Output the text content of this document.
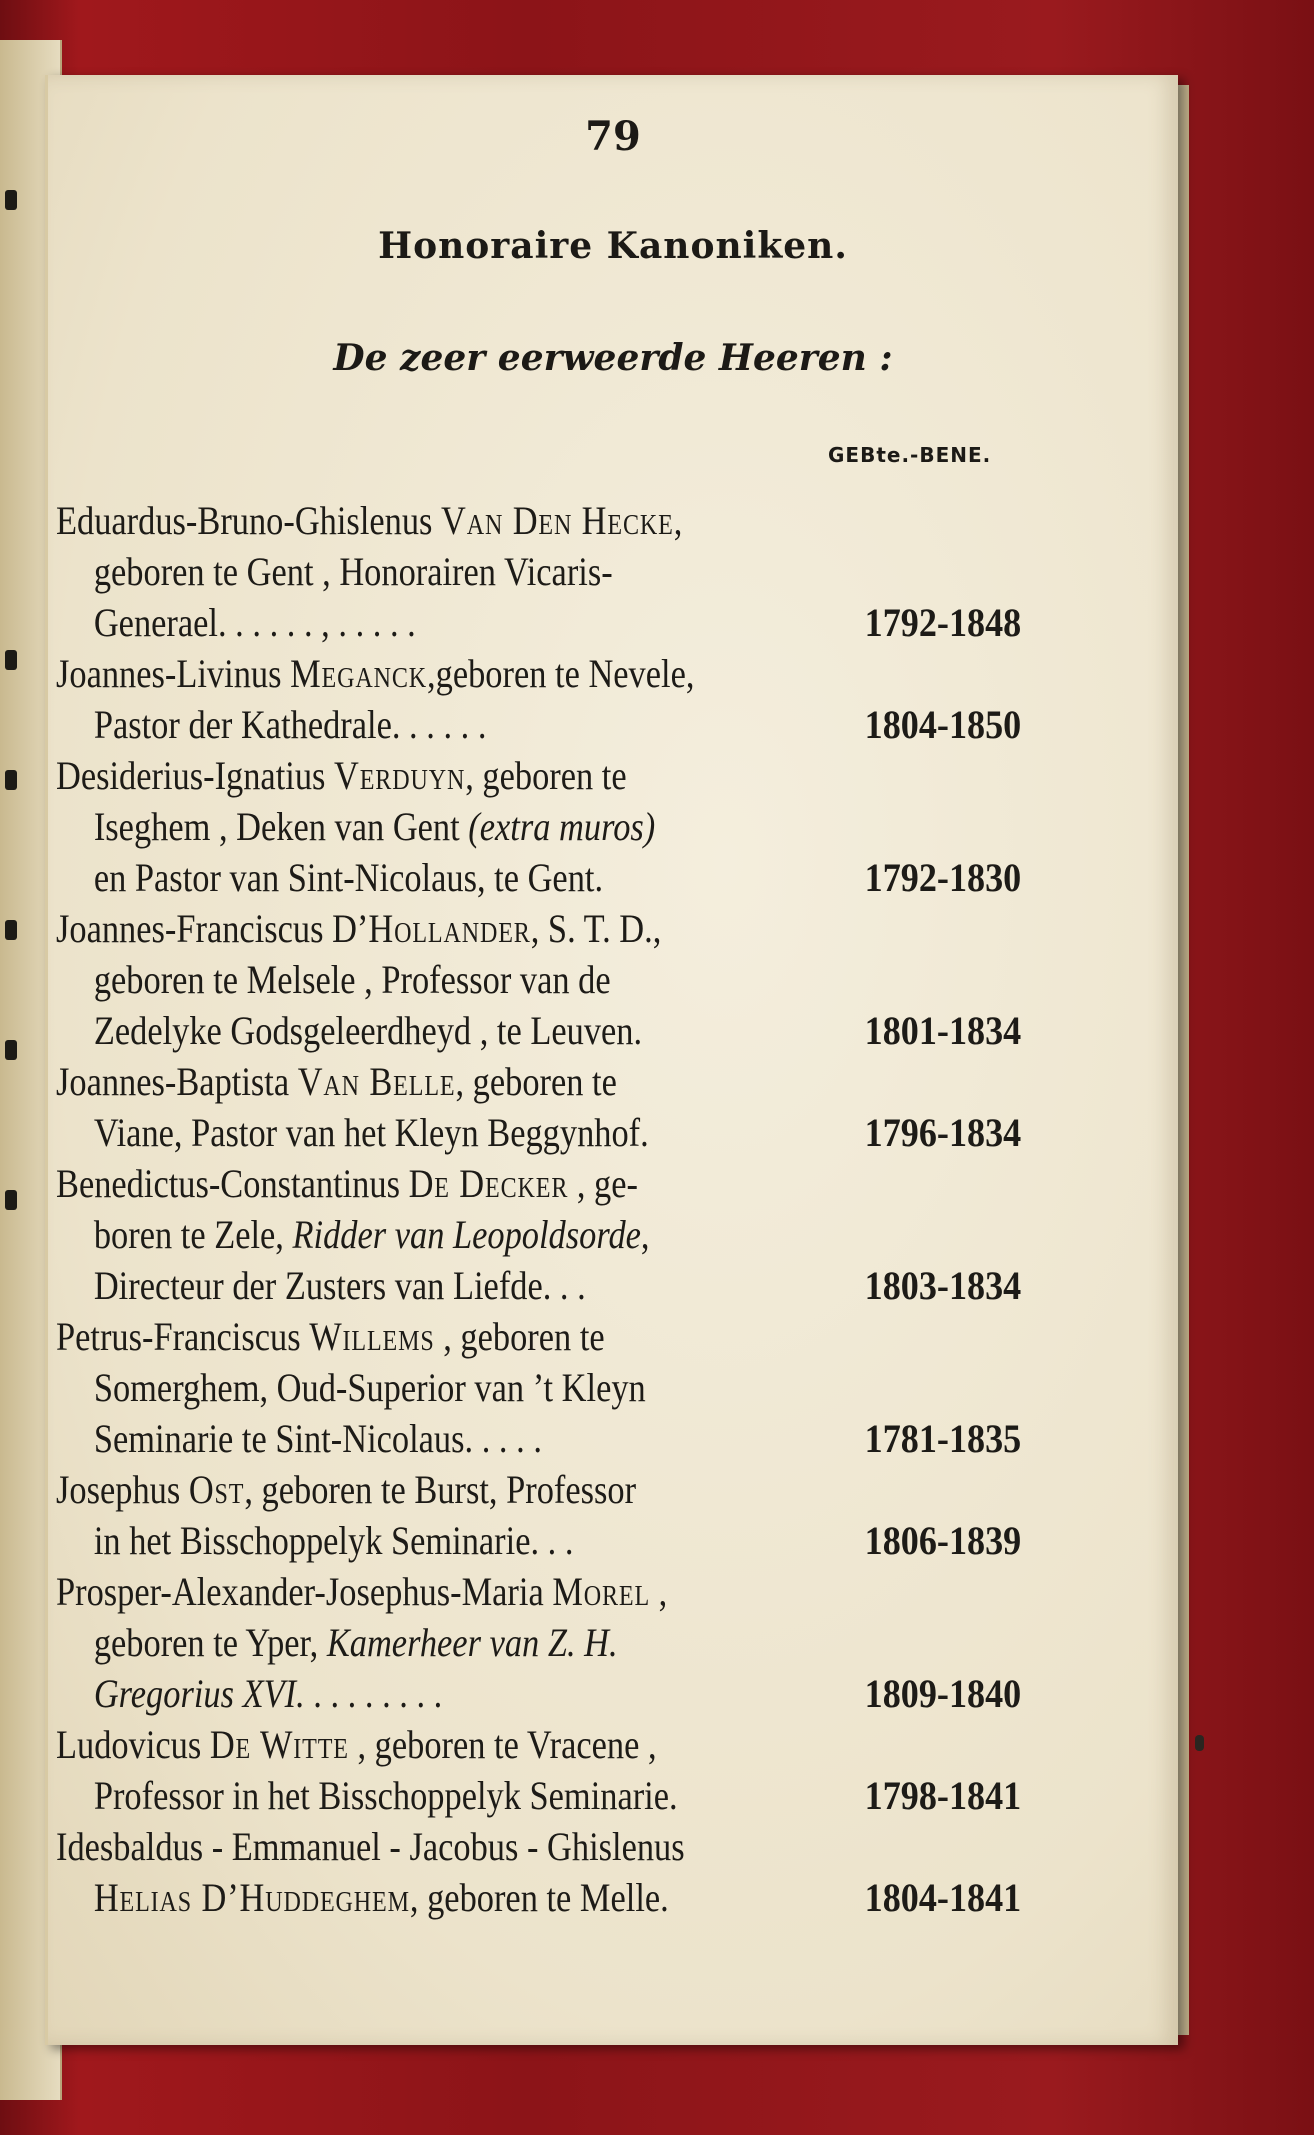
79
Honoraire Kanoniken.
De zeer eerweerde Heeren :
GEBte.-BENE.
Eduardus-Bruno-Ghislenus Van Den Hecke,
geboren te Gent , Honorairen Vicaris-
Generael. . . . . . , . . . . .	1792-1848
Joannes-Livinus Meganck,geboren te Nevele,
Pastor der Kathedrale. . . . . .	1804-1850
Desiderius-Ignatius Verduyn, geboren te
Iseghem , Deken van Gent (extra muros)
en Pastor van Sint-Nicolaus, te Gent.	1792-1830
Joannes-Franciscus D’Hollander, S. T. D.,
geboren te Melsele , Professor van de
Zedelyke Godsgeleerdheyd , te Leuven.	1801-1834
Joannes-Baptista Van Belle, geboren te
Viane, Pastor van het Kleyn Beggynhof.	1796-1834
Benedictus-Constantinus De Decker , ge-
boren te Zele, Ridder van Leopoldsorde,
Directeur der Zusters van Liefde. . .	1803-1834
Petrus-Franciscus Willems , geboren te
Somerghem, Oud-Superior van ’t Kleyn
Seminarie te Sint-Nicolaus. . . . .	1781-1835
Josephus Ost, geboren te Burst, Professor
in het Bisschoppelyk Seminarie. . .	1806-1839
Prosper-Alexander-Josephus-Maria Morel ,
geboren te Yper, Kamerheer van Z. H.
Gregorius XVI. . . . . . . . .	1809-1840
Ludovicus De Witte , geboren te Vracene ,
Professor in het Bisschoppelyk Seminarie.	1798-1841
Idesbaldus - Emmanuel - Jacobus - Ghislenus
Helias D’Huddeghem, geboren te Melle.	1804-1841
